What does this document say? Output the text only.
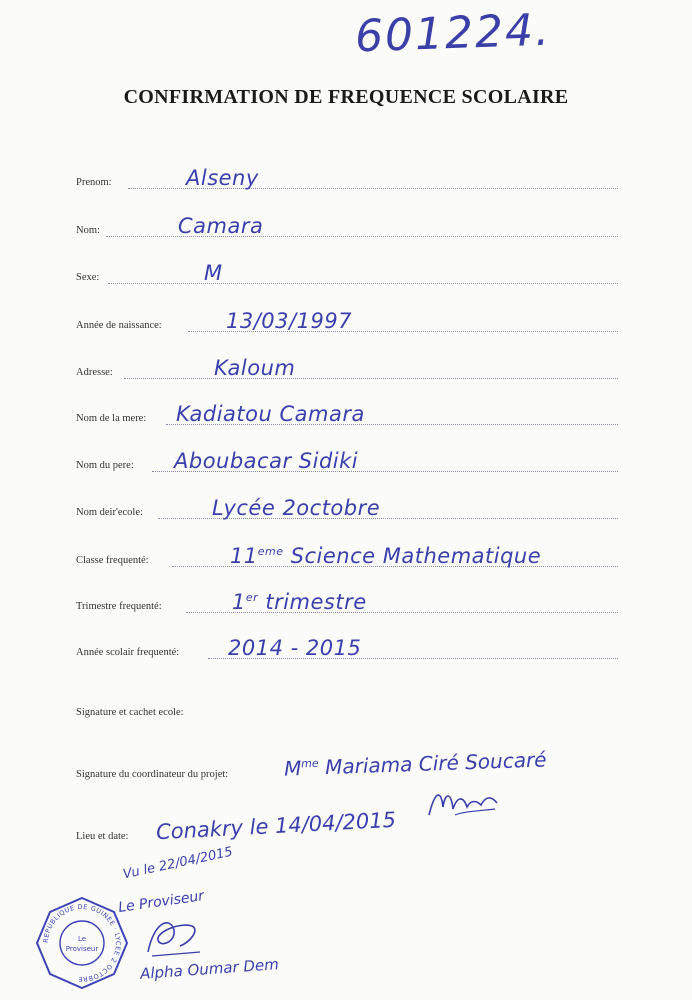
601224.
CONFIRMATION DE FREQUENCE SCOLAIRE
Prenom:	Alseny
Nom:	Camara
Sexe:	M
Année de naissance:	13/03/1997
Adresse:	Kaloum
Nom de la mere: Kadiatou Camara
Nom du pere: Aboubacar Sidiki
Nom deir'ecole:	Lycée 2octobre
Classe frequenté:	11eme Science Mathematique
Trimestre frequenté:	1er trimestre
Année scolair frequenté: 2014 - 2015
Signature et cachet ecole:
Signature du coordinateur du projet:	$M^{me}$ Mariama Ciré Soucaré
Lieu et date: Conakry le 14/04/2015
Vu le 22/04/2015
Le Proviseur
Alpha Oumar Dem
REPUBLIQUE DE GUINEE · LYCEE 2 OCTOBRE
Le
Proviseur
